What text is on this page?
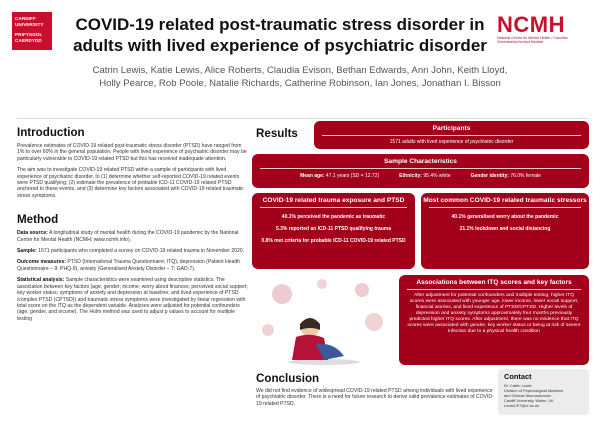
CARDIFF
UNIVERSITY
PRIFYSGOL
CAERDYDD
COVID-19 related post-traumatic stress disorder in adults with lived experience of psychiatric disorder
NCMH
National Centre for Mental Health / Canolfan Genedlaethol lechyd Meddwl
Catrin Lewis, Katie Lewis, Alice Roberts, Claudia Evison, Bethan Edwards, Ann John, Keith Lloyd,
Holly Pearce, Rob Poole, Natalie Richards, Catherine Robinson, Ian Jones, Jonathan I. Bisson
Introduction

Prevalence estimates of COVID-19 related post-traumatic stress disorder (PTSD) have ranged from 1% to over 60% in the general population. People with lived experience of psychiatric disorder may be particularly vulnerable to COVID-19 related PTSD but this has received inadequate attention.

The aim was to investigate COVID-19 related PTSD within a sample of participants with lived experience of psychiatric disorder, to (1) determine whether self-reported COVID-19 related events were PTSD qualifying; (2) estimate the prevalence of probable ICD-11 COVID-19 related PTSD anchored to these events, and (3) determine key factors associated with COVID-19 related traumatic stress symptoms.

Method

Data source: A longitudinal study of mental health during the COVID-19 pandemic by the National Centre for Mental Health (NCMH; www.ncmh.info).

Sample: 1571 participants who completed a survey on COVID-19 related trauma in November 2020.

Outcome measures: PTSD (International Trauma Questionnaire; ITQ), depression (Patient Health Questionnaire – 9; PHQ-9), anxiety (Generalised Anxiety Disorder – 7; GAD-7).

Statistical analysis: Sample characteristics were examined using descriptive statistics. The association between key factors (age; gender; income; worry about finances; perceived social support; key worker status; symptoms of anxiety and depression at baseline; and lived experience of PTSD /complex PTSD (CPTSD)) and traumatic stress symptoms were investigated by linear regression with total score on the ITQ as the dependent variable. Analyses were adjusted for potential confounders (age, gender, and income). The Holm method was used to adjust p values to account for multiple testing

Results	Participants
1571 adults with lived experience of psychiatric disorder
Sample Characteristics
Mean age: 47.1 years (SD = 12.72)	Ethnicity: 95.4% white	Gender identity: 76.0% female
COVID-19 related trauma exposure and PTSD
40.1% perceived the pandemic as traumatic
5.3% reported an ICD-11 PTSD qualifying trauma
0.8% met criteria for probable ICD-11 COVID-19 related PTSD
Most common COVID-19 related traumatic stressors
40.1% generalised worry about the pandemic
21.1% lockdown and social distancing
Associations between ITQ scores and key factors
After adjustment for potential confounders and multiple testing, higher ITQ scores were associated with younger age, lower income, lower social support, financial worries, and lived experience of PTSD/CPTSD. Higher levels of depression and anxiety symptoms approximately four months previously predicted higher ITQ scores. After adjustment, there was no evidence that ITQ scores were associated with gender, key worker status or being at risk of severe infection due to a physical health condition
Conclusion

We did not find evidence of widespread COVID-19 related PTSD among individuals with lived experience of psychiatric disorder. There is a need for future research to derive valid prevalence estimates of COVID-19 related PTSD.

Contact
Dr. Catrin Lewis
Division of Psychological Medicine
and Clinical Neurosciences
Cardiff University, Wales, UK
LewisCE7@cf.ac.uk
